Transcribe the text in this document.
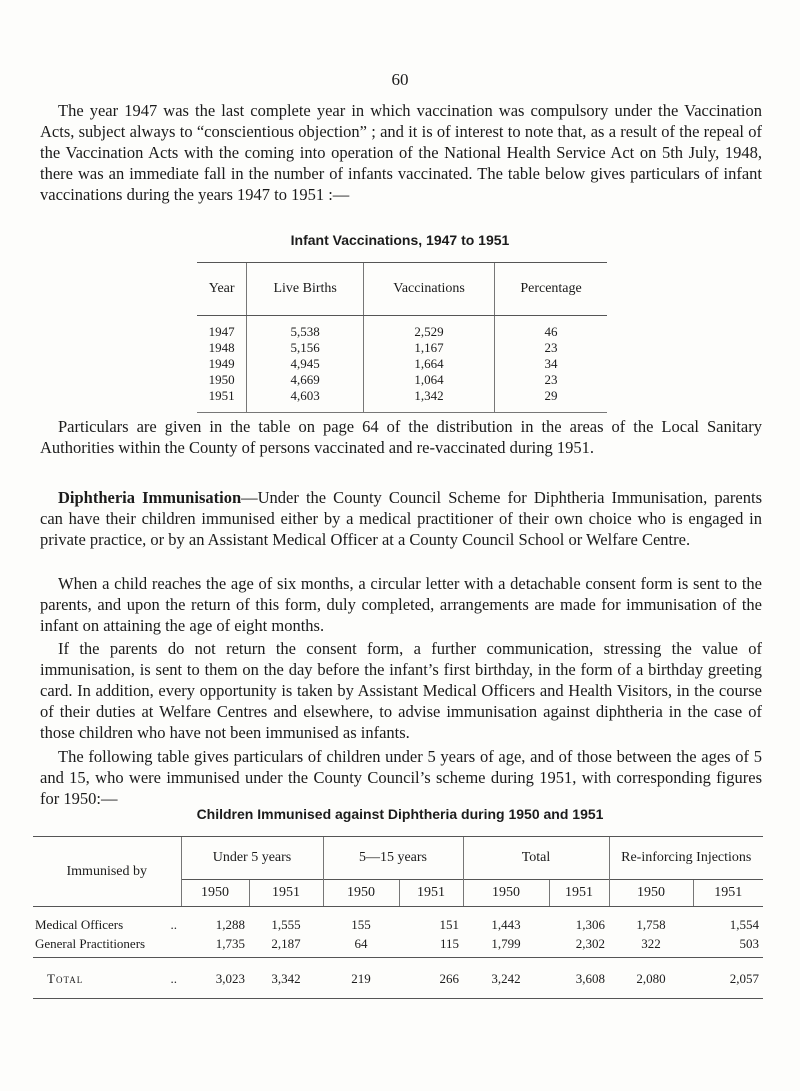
60

The year 1947 was the last complete year in which vaccination was compulsory under the Vaccination Acts, subject always to “conscientious objection” ; and it is of interest to note that, as a result of the repeal of the Vaccination Acts with the coming into operation of the National Health Service Act on 5th July, 1948, there was an immediate fall in the number of infants vaccinated. The table below gives particulars of infant vaccinations during the years 1947 to 1951 :—

Infant Vaccinations, 1947 to 1951
Year	Live Births	Vaccinations	Percentage
1947	5,538	2,529	46
1948	5,156	1,167	23
1949	4,945	1,664	34
1950	4,669	1,064	23
1951	4,603	1,342	29

Particulars are given in the table on page 64 of the distribution in the areas of the Local Sanitary Authorities within the County of persons vaccinated and re-vaccinated during 1951.

Diphtheria Immunisation—Under the County Council Scheme for Diphtheria Immunisation, parents can have their children immunised either by a medical practitioner of their own choice who is engaged in private practice, or by an Assistant Medical Officer at a County Council School or Welfare Centre.

When a child reaches the age of six months, a circular letter with a detachable consent form is sent to the parents, and upon the return of this form, duly completed, arrangements are made for immunisation of the infant on attaining the age of eight months.

If the parents do not return the consent form, a further communication, stressing the value of immunisation, is sent to them on the day before the infant’s first birthday, in the form of a birthday greeting card. In addition, every opportunity is taken by Assistant Medical Officers and Health Visitors, in the course of their duties at Welfare Centres and elsewhere, to advise immunisation against diphtheria in the case of those children who have not been immunised as infants.

The following table gives particulars of children under 5 years of age, and of those between the ages of 5 and 15, who were immunised under the County Council’s scheme during 1951, with corresponding figures for 1950:—

Children Immunised against Diphtheria during 1950 and 1951
Immunised by	Under 5 years		5—15 years		Total		Re-inforcing Injections	
	1950	1951	1950	1951	1950	1951	1950	1951
Medical Officers ..	1,288	1,555	155	151	1,443	1,306	1,758	1,554
General Practitioners	1,735	2,187	64	115	1,799	2,302	322	503
Total ..	3,023	3,342	219	266	3,242	3,608	2,080	2,057
